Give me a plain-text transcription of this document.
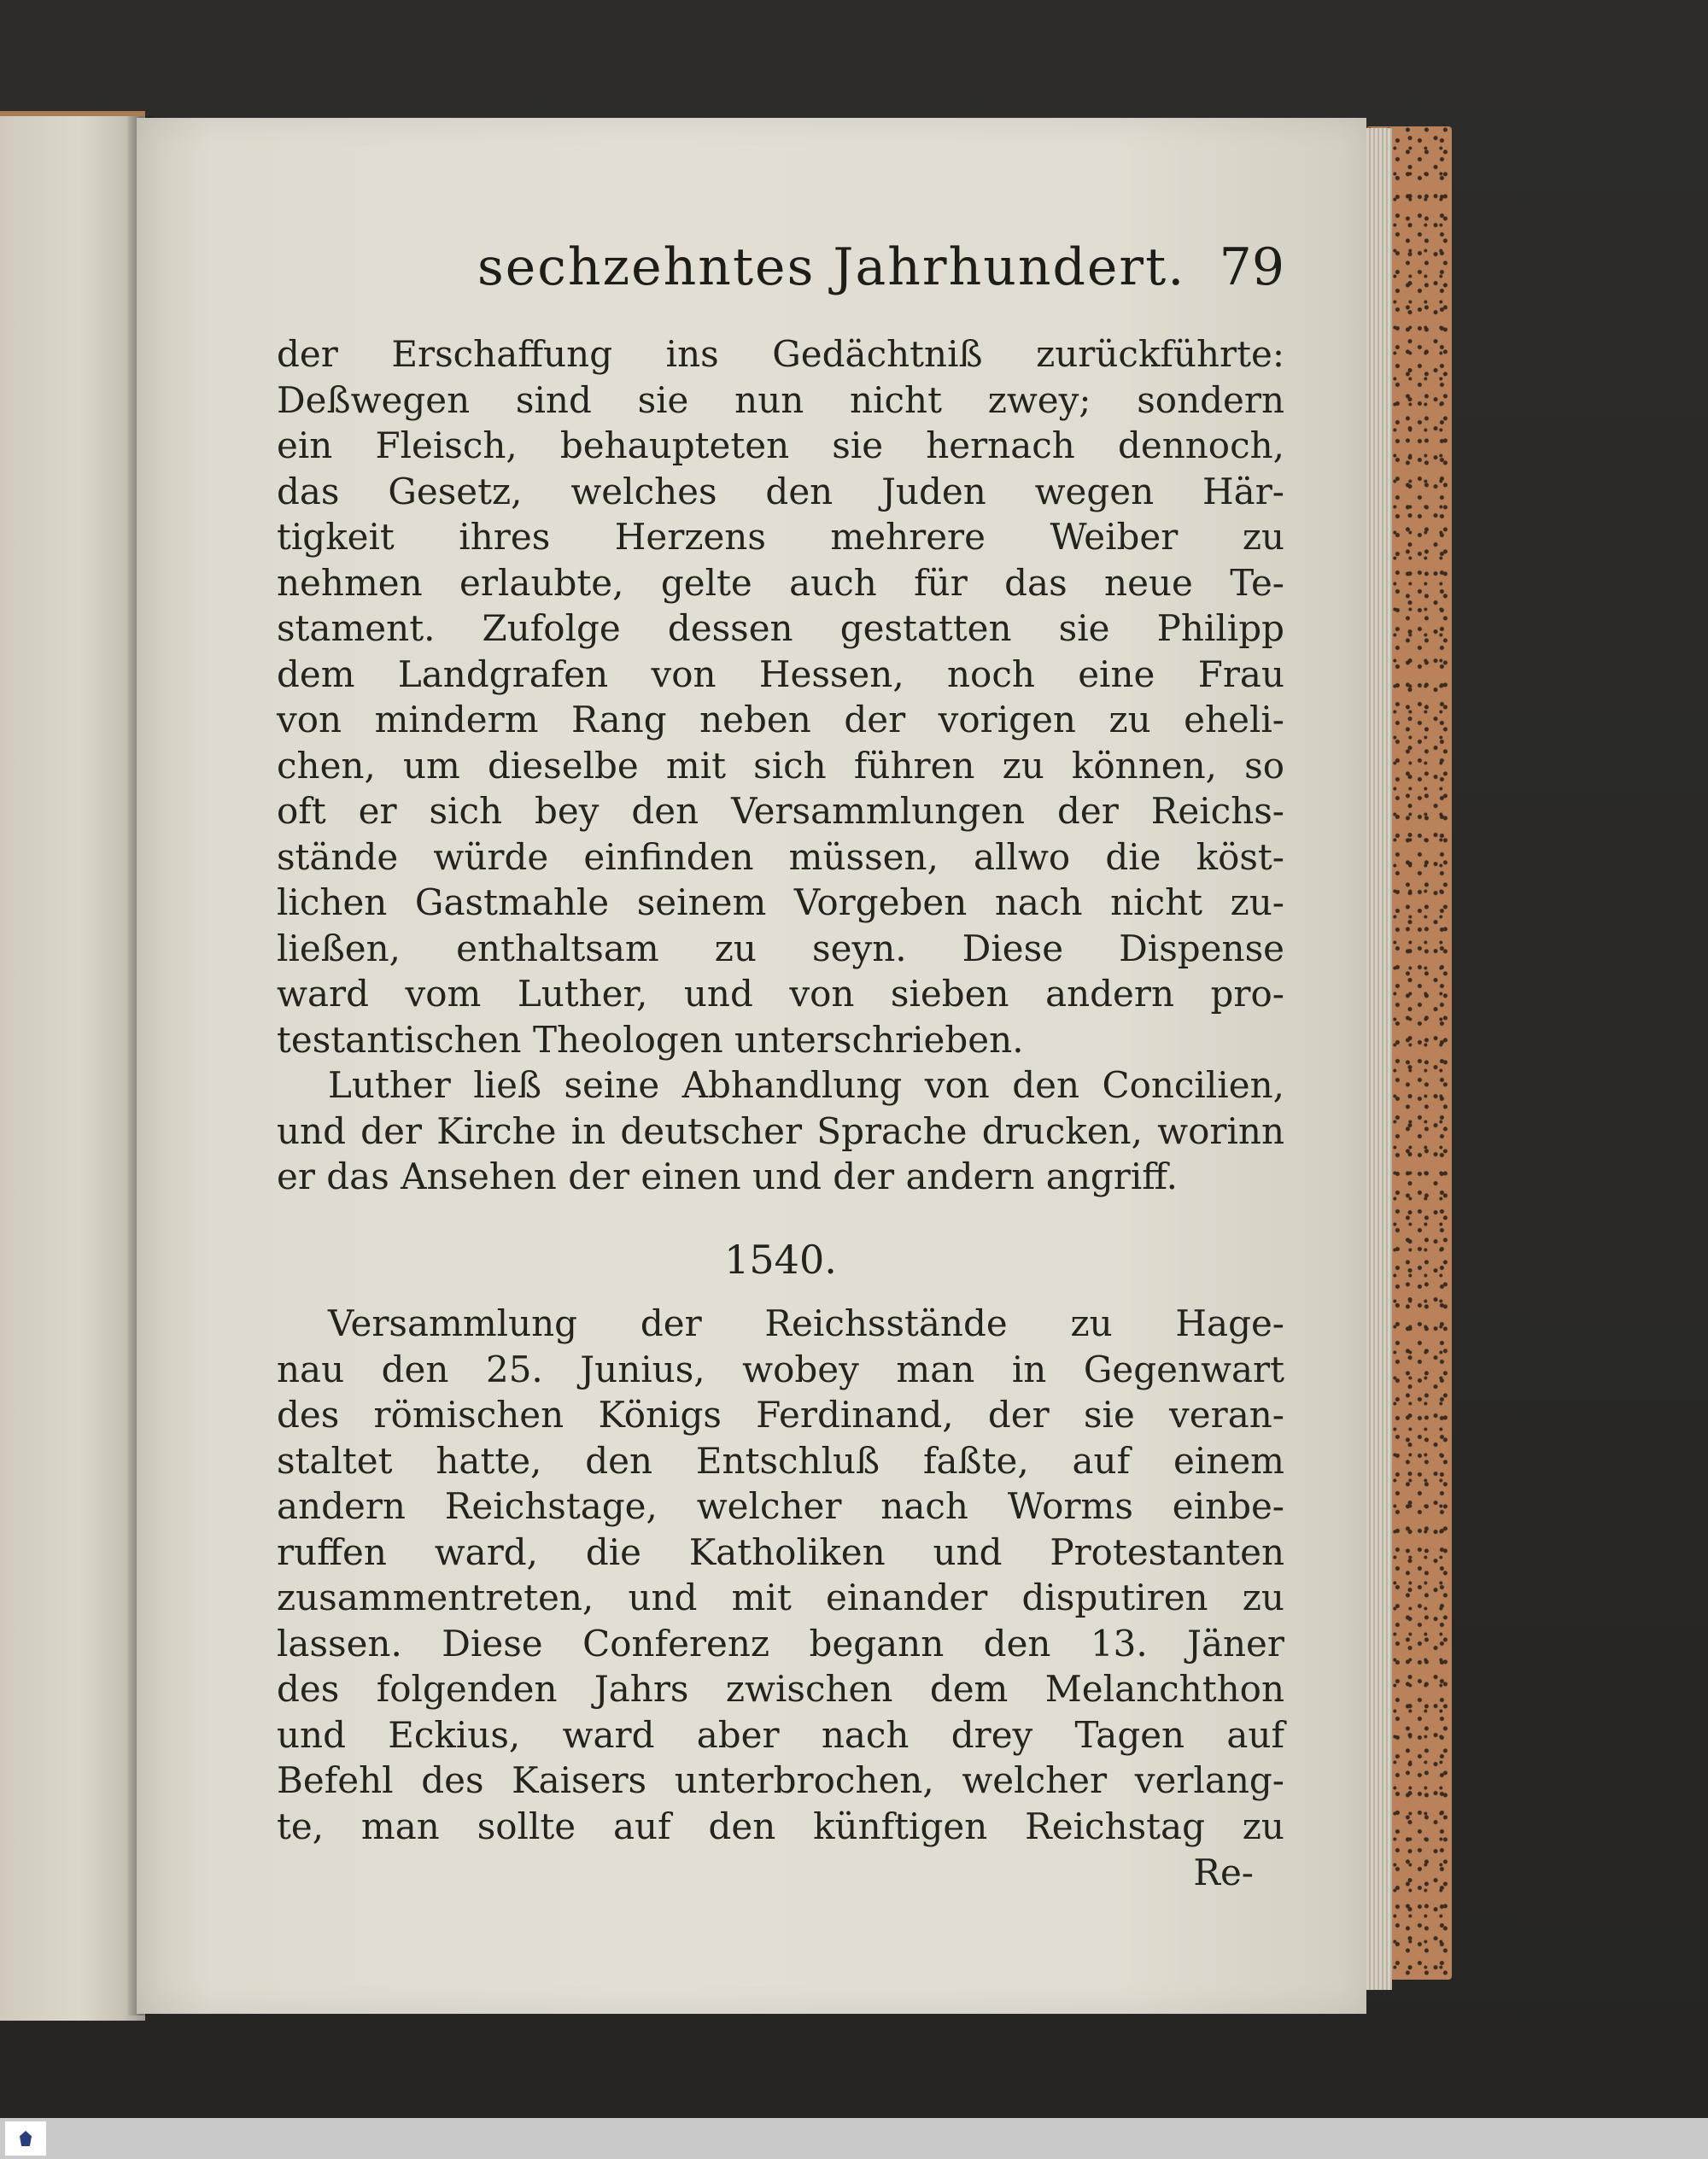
sechzehntes Jahrhundert. 79
der Erschaffung ins Gedächtniß zurückführte:
Deßwegen sind sie nun nicht zwey; sondern
ein Fleisch, behaupteten sie hernach dennoch,
das Gesetz, welches den Juden wegen Här-
tigkeit ihres Herzens mehrere Weiber zu
nehmen erlaubte, gelte auch für das neue Te-
stament. Zufolge dessen gestatten sie Philipp
dem Landgrafen von Hessen, noch eine Frau
von minderm Rang neben der vorigen zu eheli-
chen, um dieselbe mit sich führen zu können, so
oft er sich bey den Versammlungen der Reichs-
stände würde einfinden müssen, allwo die köst-
lichen Gastmahle seinem Vorgeben nach nicht zu-
ließen, enthaltsam zu seyn. Diese Dispense
ward vom Luther, und von sieben andern pro-
testantischen Theologen unterschrieben.
Luther ließ seine Abhandlung von den Concilien,
und der Kirche in deutscher Sprache drucken, worinn
er das Ansehen der einen und der andern angriff.
1540.
Versammlung der Reichsstände zu Hage-
nau den 25. Junius, wobey man in Gegenwart
des römischen Königs Ferdinand, der sie veran-
staltet hatte, den Entschluß faßte, auf einem
andern Reichstage, welcher nach Worms einbe-
ruffen ward, die Katholiken und Protestanten
zusammentreten, und mit einander disputiren zu
lassen. Diese Conferenz begann den 13. Jäner
des folgenden Jahrs zwischen dem Melanchthon
und Eckius, ward aber nach drey Tagen auf
Befehl des Kaisers unterbrochen, welcher verlang-
te, man sollte auf den künftigen Reichstag zu
Re-
